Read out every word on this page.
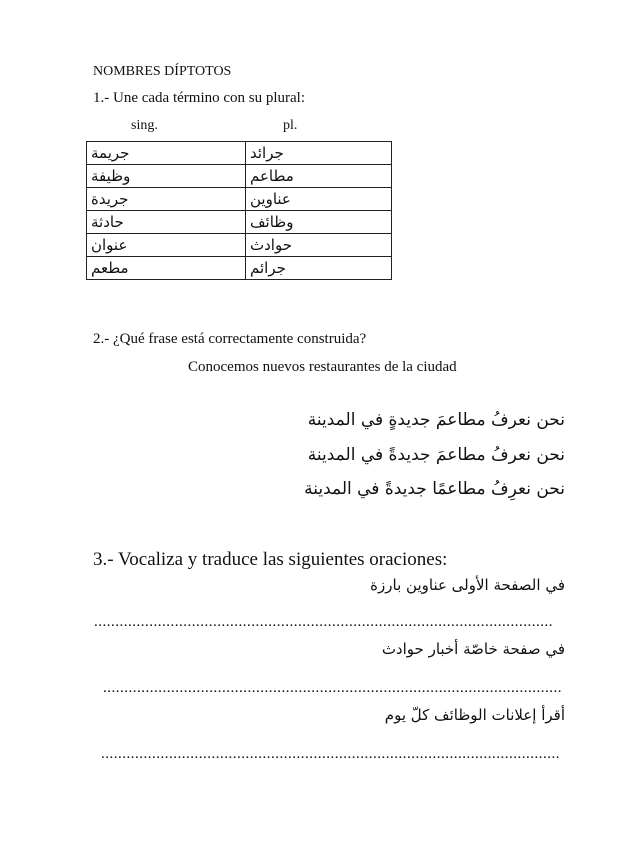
NOMBRES DÍPTOTOS
1.- Une cada término con su plural:
sing.	pl.
جريمة	جرائد
وظيفة	مطاعم
جريدة	عناوين
حادثة	وظائف
عنوان	حوادث
مطعم	جرائم
2.- ¿Qué frase está correctamente construida?
Conocemos nuevos restaurantes de la ciudad
نحن نعرفُ مطاعمَ جديدةٍ في المدينة
نحن نعرفُ مطاعمَ جديدةً في المدينة
نحن نعرِفُ مطاعمًا جديدةً في المدينة
3.- Vocaliza y traduce las siguientes oraciones:
في الصفحة الأولى عناوين بارزة
............................................................................................................
في صفحة خاصّة أخبار حوادث
............................................................................................................
أقرأ إعلانات الوظائف كلّ يوم
............................................................................................................
